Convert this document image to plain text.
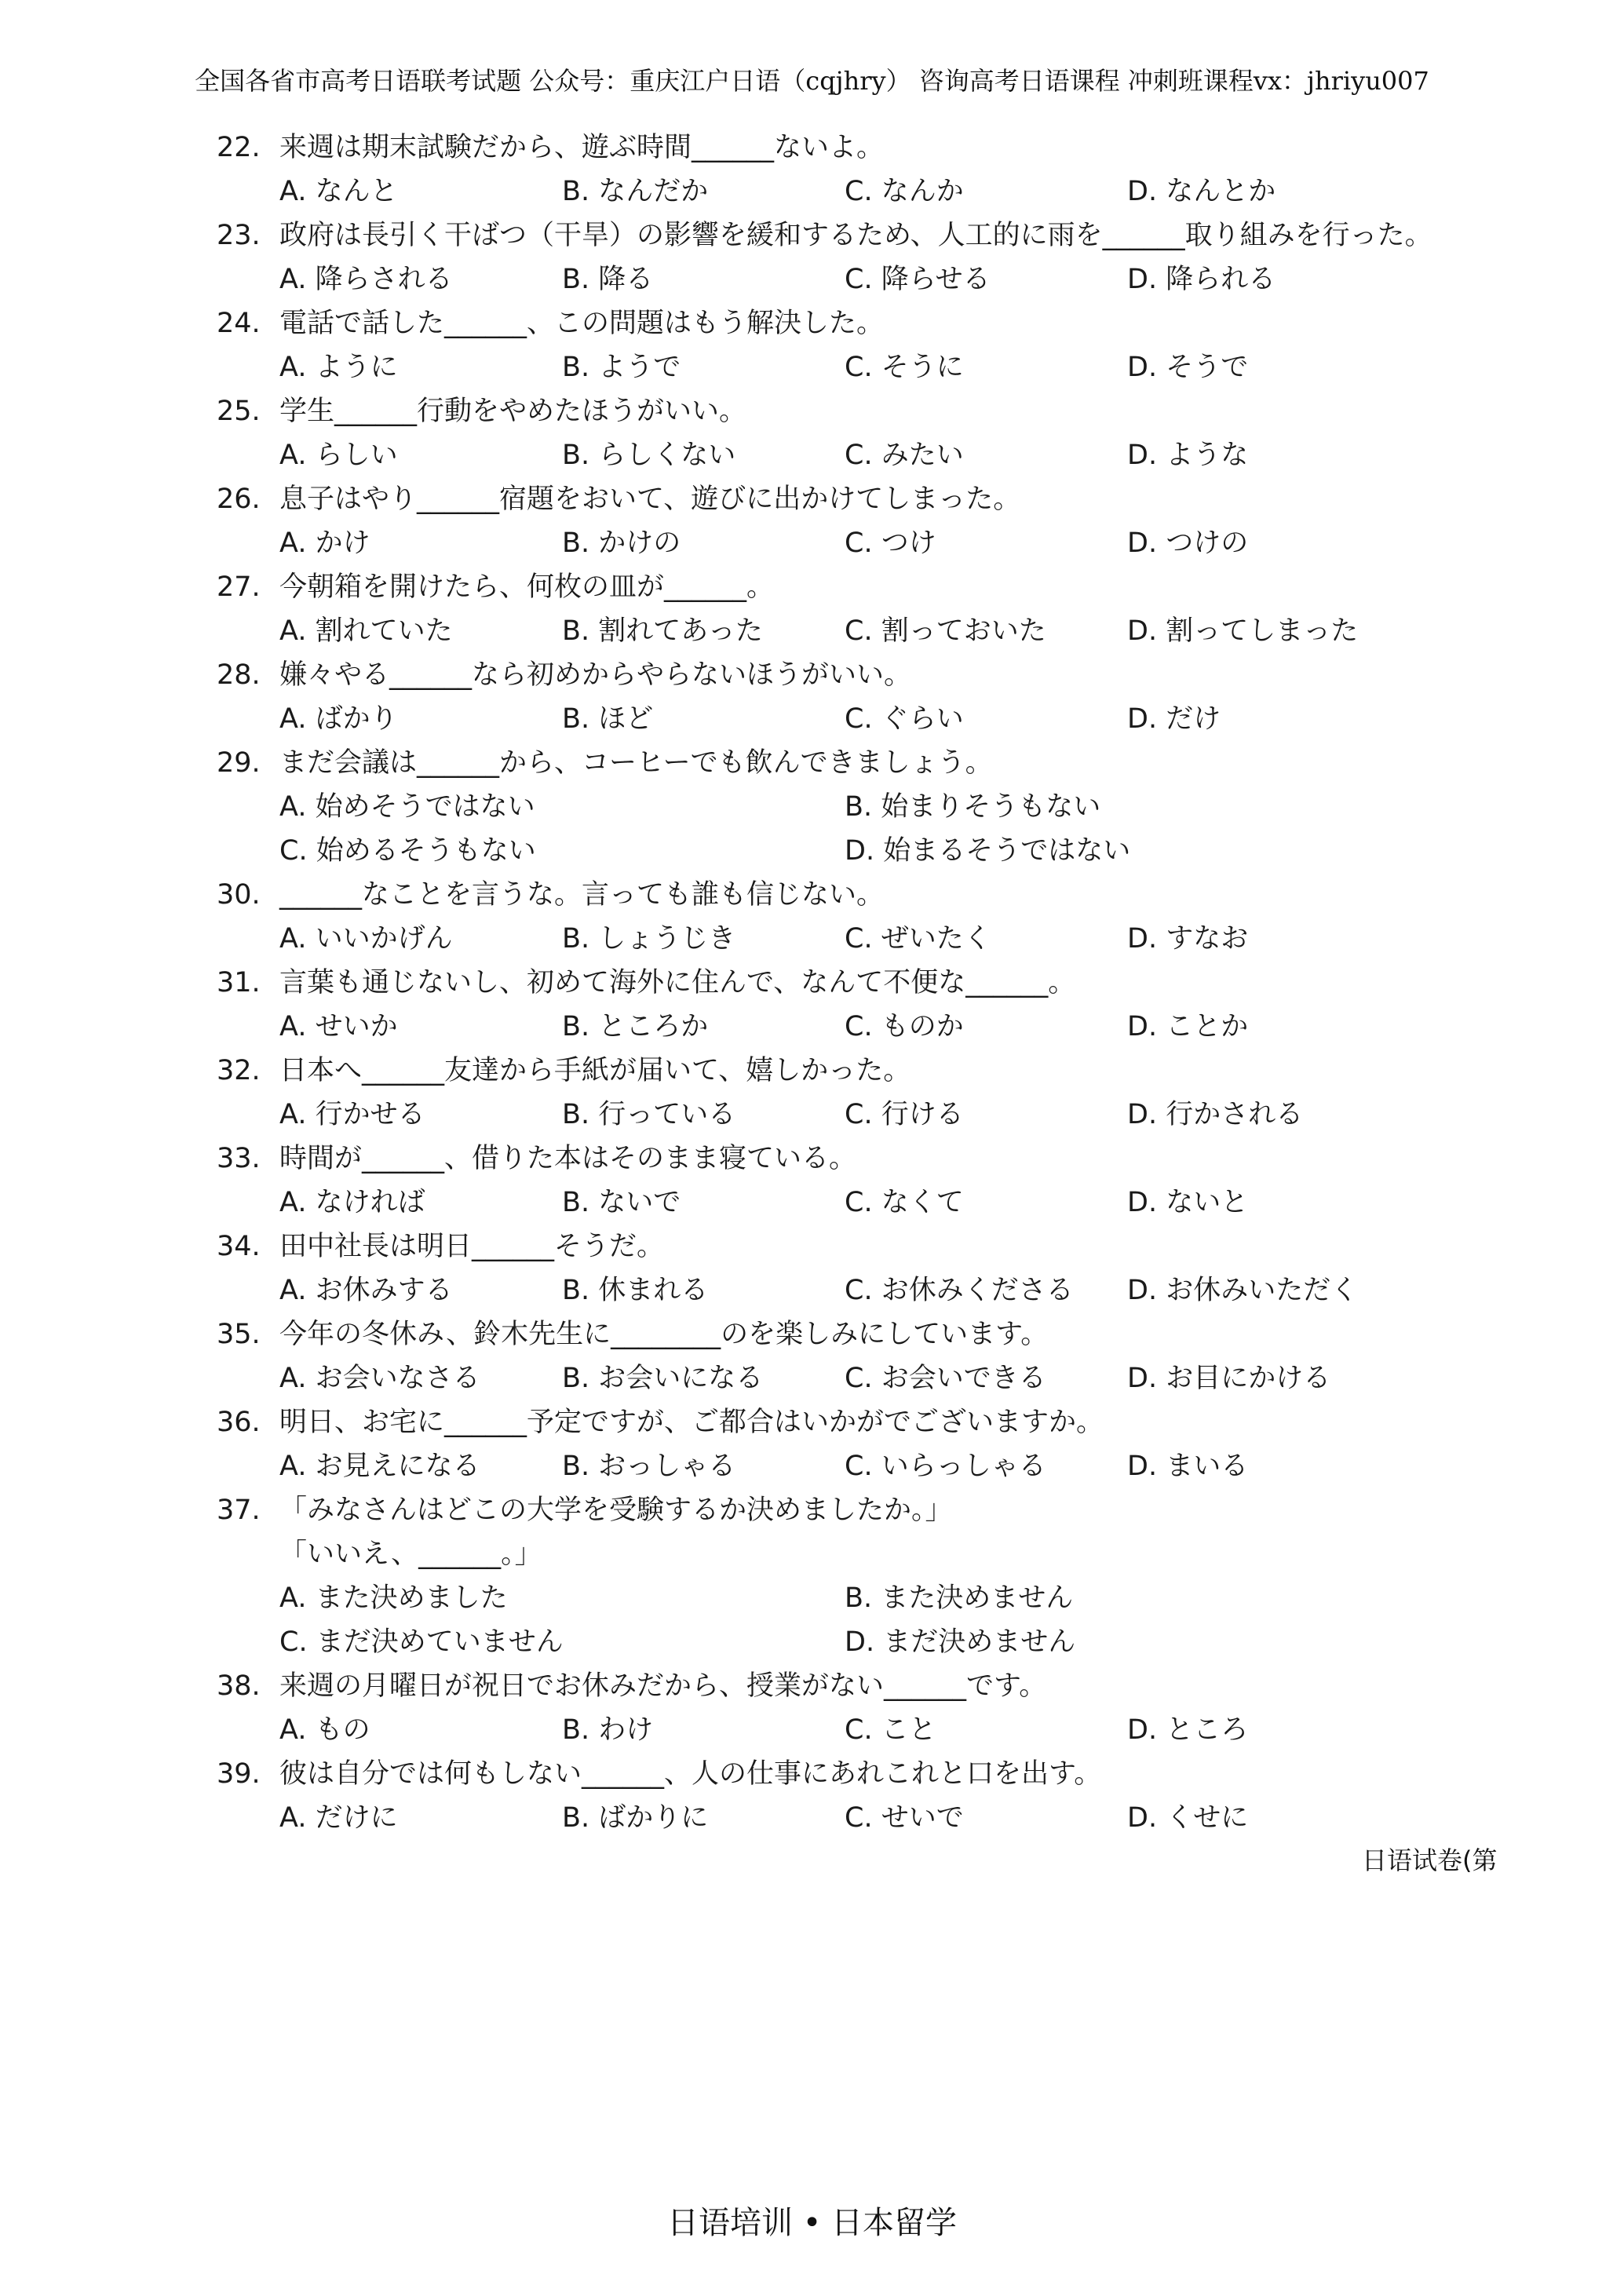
全国各省市高考日语联考试题 公众号：重庆江户日语（cqjhry） 咨询高考日语课程 冲刺班课程vx：jhriyu007
22. 来週は期末試験だから、遊ぶ時間______ないよ。
A. なんと	B. なんだか	C. なんか	D. なんとか
23. 政府は長引く干ばつ（干旱）の影響を緩和するため、人工的に雨を______取り組みを行った。
A. 降らされる	B. 降る	C. 降らせる	D. 降られる
24. 電話で話した______、この問題はもう解決した。
A. ように	B. ようで	C. そうに	D. そうで
25. 学生______行動をやめたほうがいい。
A. らしい	B. らしくない	C. みたい	D. ような
26. 息子はやり______宿題をおいて、遊びに出かけてしまった。
A. かけ	B. かけの	C. つけ	D. つけの
27. 今朝箱を開けたら、何枚の皿が______。
A. 割れていた	B. 割れてあった	C. 割っておいた	D. 割ってしまった
28. 嫌々やる______なら初めからやらないほうがいい。
A. ばかり	B. ほど	C. ぐらい	D. だけ
29. まだ会議は______から、コーヒーでも飲んできましょう。
A. 始めそうではない	B. 始まりそうもない
C. 始めるそうもない	D. 始まるそうではない
30. ______なことを言うな。言っても誰も信じない。
A. いいかげん	B. しょうじき	C. ぜいたく	D. すなお
31. 言葉も通じないし、初めて海外に住んで、なんて不便な______。
A. せいか	B. ところか	C. ものか	D. ことか
32. 日本へ______友達から手紙が届いて、嬉しかった。
A. 行かせる	B. 行っている	C. 行ける	D. 行かされる
33. 時間が______、借りた本はそのまま寝ている。
A. なければ	B. ないで	C. なくて	D. ないと
34. 田中社長は明日______そうだ。
A. お休みする	B. 休まれる	C. お休みくださる	D. お休みいただく
35. 今年の冬休み、鈴木先生に________のを楽しみにしています。
A. お会いなさる	B. お会いになる	C. お会いできる	D. お目にかける
36. 明日、お宅に______予定ですが、ご都合はいかがでございますか。
A. お見えになる	B. おっしゃる	C. いらっしゃる	D. まいる
37. 「みなさんはどこの大学を受験するか決めましたか。」
「いいえ、______。」
A. また決めました	B. また決めません
C. まだ決めていません	D. まだ決めません
38. 来週の月曜日が祝日でお休みだから、授業がない______です。
A. もの	B. わけ	C. こと	D. ところ
39. 彼は自分では何もしない______、人の仕事にあれこれと口を出す。
A. だけに	B. ばかりに	C. せいで	D. くせに
日语试卷(第
日语培训 • 日本留学
